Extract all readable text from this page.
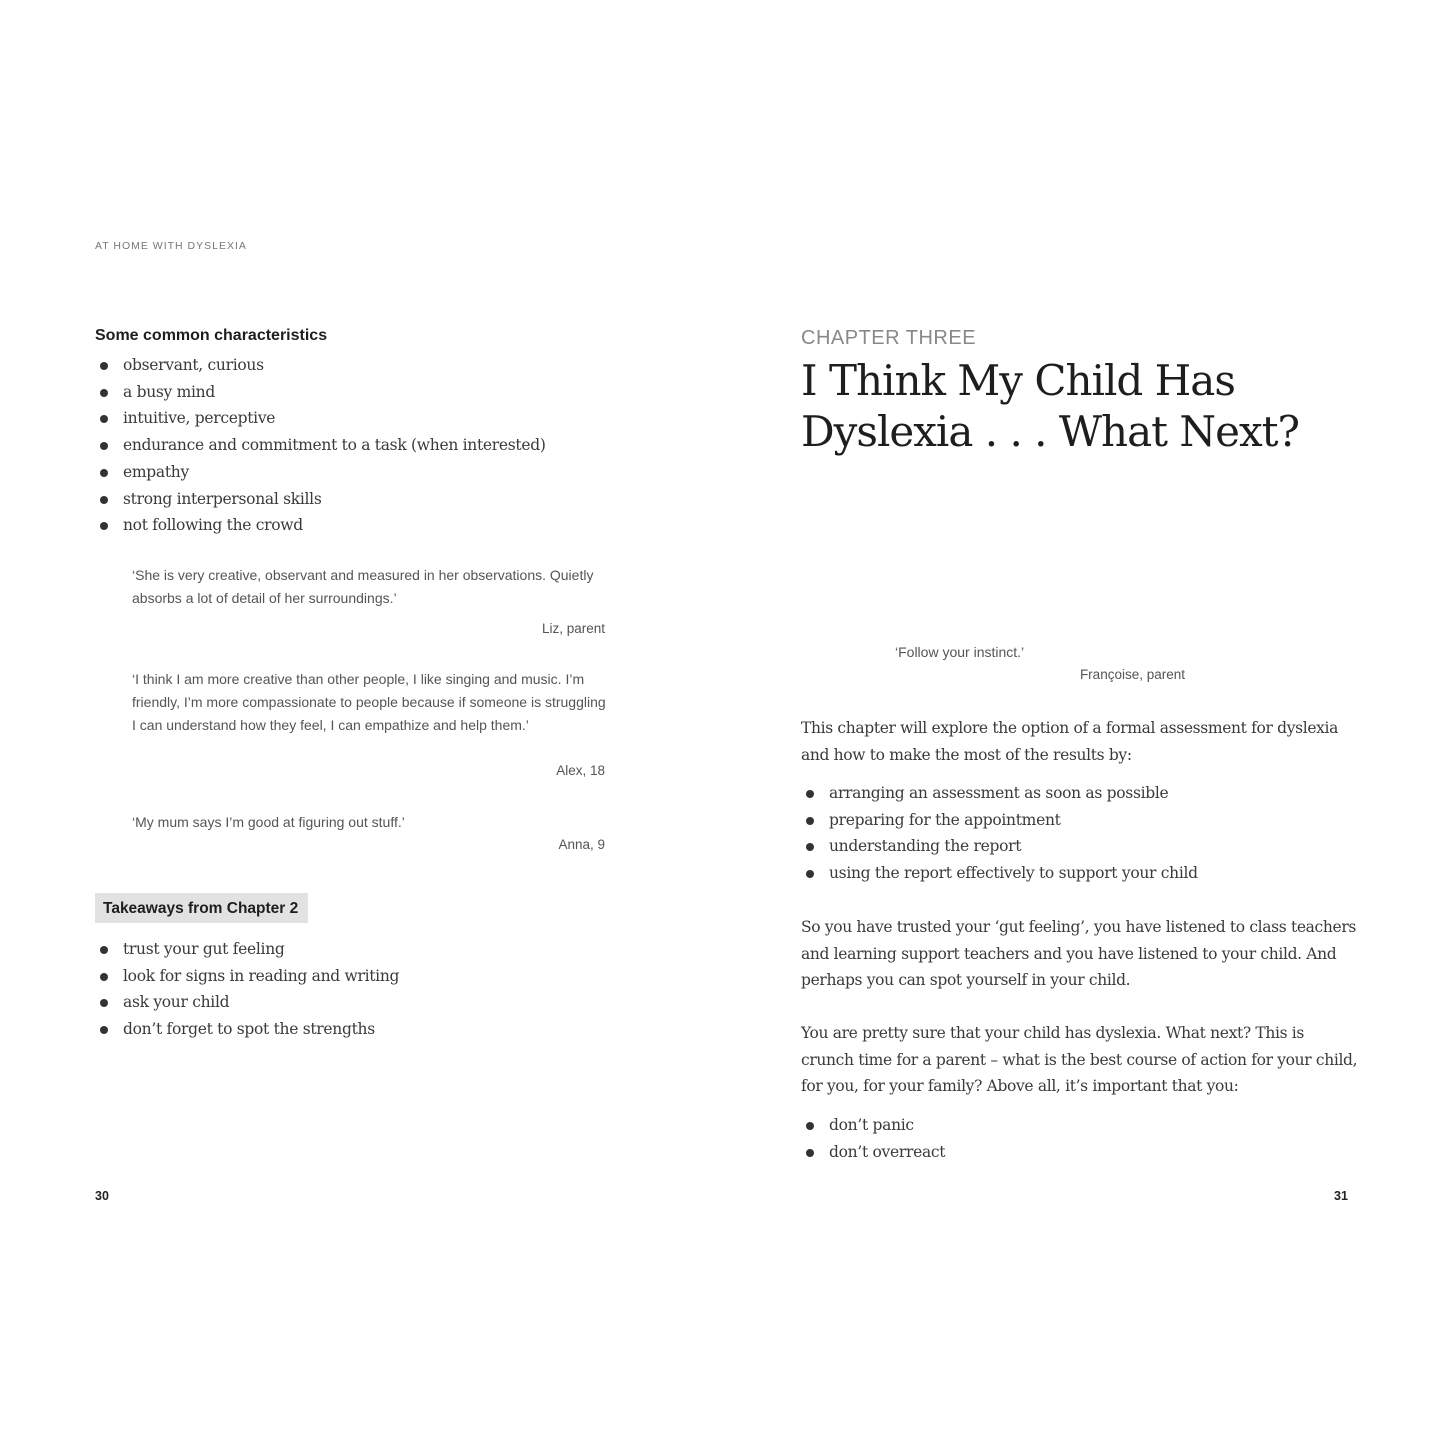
AT HOME WITH DYSLEXIA
Some common characteristics
observant, curious
a busy mind
intuitive, perceptive
endurance and commitment to a task (when interested)
empathy
strong interpersonal skills
not following the crowd
‘She is very creative, observant and measured in her observations. Quietly absorbs a lot of detail of her surroundings.’
Liz, parent
‘I think I am more creative than other people, I like singing and music. I’m friendly, I’m more compassionate to people because if someone is struggling I can understand how they feel, I can empathize and help them.’
Alex, 18
‘My mum says I’m good at figuring out stuff.’
Anna, 9
Takeaways from Chapter 2
trust your gut feeling
look for signs in reading and writing
ask your child
don’t forget to spot the strengths
30
CHAPTER THREE
I Think My Child Has
Dyslexia . . . What Next?
‘Follow your instinct.’
Françoise, parent
This chapter will explore the option of a formal assessment for dyslexia and how to make the most of the results by:
arranging an assessment as soon as possible
preparing for the appointment
understanding the report
using the report effectively to support your child
So you have trusted your ‘gut feeling’, you have listened to class teachers and learning support teachers and you have listened to your child. And perhaps you can spot yourself in your child.
You are pretty sure that your child has dyslexia. What next? This is crunch time for a parent – what is the best course of action for your child, for you, for your family? Above all, it’s important that you:
don’t panic
don’t overreact
31
